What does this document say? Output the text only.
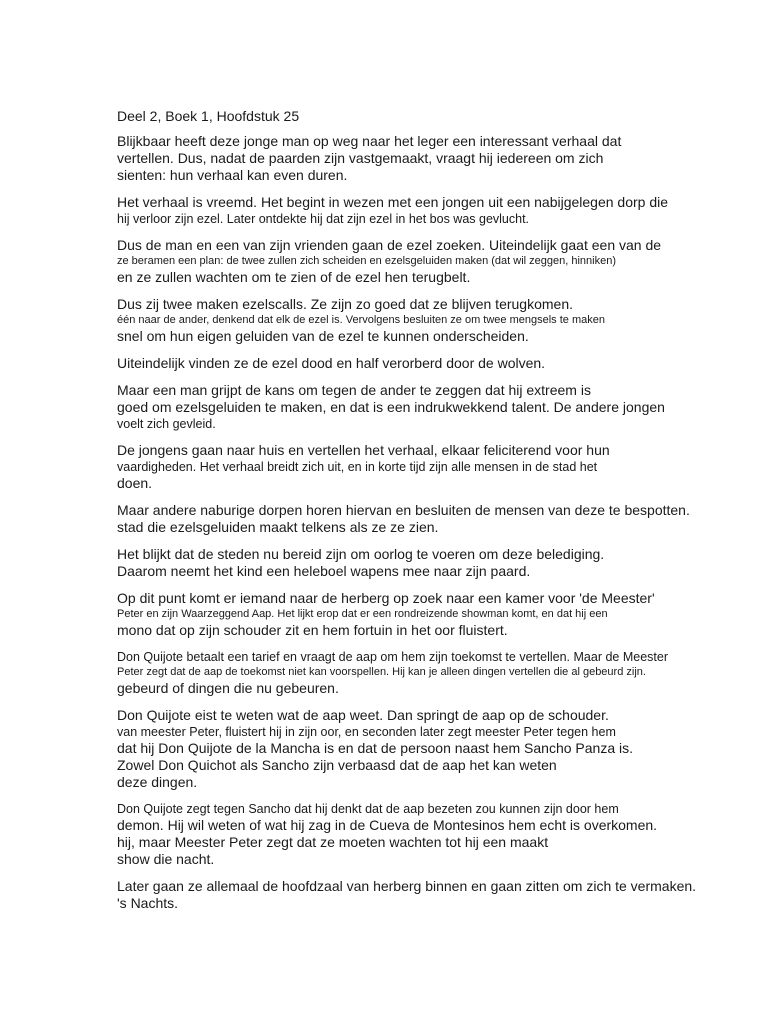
Deel 2, Boek 1, Hoofdstuk 25
Blijkbaar heeft deze jonge man op weg naar het leger een interessant verhaal dat
vertellen. Dus, nadat de paarden zijn vastgemaakt, vraagt hij iedereen om zich
sienten: hun verhaal kan even duren.
Het verhaal is vreemd. Het begint in wezen met een jongen uit een nabijgelegen dorp die
hij verloor zijn ezel. Later ontdekte hij dat zijn ezel in het bos was gevlucht.
Dus de man en een van zijn vrienden gaan de ezel zoeken. Uiteindelijk gaat een van de
ze beramen een plan: de twee zullen zich scheiden en ezelsgeluiden maken (dat wil zeggen, hinniken)
en ze zullen wachten om te zien of de ezel hen terugbelt.
Dus zij twee maken ezelscalls. Ze zijn zo goed dat ze blijven terugkomen.
één naar de ander, denkend dat elk de ezel is. Vervolgens besluiten ze om twee mengsels te maken
snel om hun eigen geluiden van de ezel te kunnen onderscheiden.
Uiteindelijk vinden ze de ezel dood en half verorberd door de wolven.
Maar een man grijpt de kans om tegen de ander te zeggen dat hij extreem is
goed om ezelsgeluiden te maken, en dat is een indrukwekkend talent. De andere jongen
voelt zich gevleid.
De jongens gaan naar huis en vertellen het verhaal, elkaar feliciterend voor hun
vaardigheden. Het verhaal breidt zich uit, en in korte tijd zijn alle mensen in de stad het
doen.
Maar andere naburige dorpen horen hiervan en besluiten de mensen van deze te bespotten.
stad die ezelsgeluiden maakt telkens als ze ze zien.
Het blijkt dat de steden nu bereid zijn om oorlog te voeren om deze belediging.
Daarom neemt het kind een heleboel wapens mee naar zijn paard.
Op dit punt komt er iemand naar de herberg op zoek naar een kamer voor 'de Meester'
Peter en zijn Waarzeggend Aap. Het lijkt erop dat er een rondreizende showman komt, en dat hij een
mono dat op zijn schouder zit en hem fortuin in het oor fluistert.
Don Quijote betaalt een tarief en vraagt de aap om hem zijn toekomst te vertellen. Maar de Meester
Peter zegt dat de aap de toekomst niet kan voorspellen. Hij kan je alleen dingen vertellen die al gebeurd zijn.
gebeurd of dingen die nu gebeuren.
Don Quijote eist te weten wat de aap weet. Dan springt de aap op de schouder.
van meester Peter, fluistert hij in zijn oor, en seconden later zegt meester Peter tegen hem
dat hij Don Quijote de la Mancha is en dat de persoon naast hem Sancho Panza is.
Zowel Don Quichot als Sancho zijn verbaasd dat de aap het kan weten
deze dingen.
Don Quijote zegt tegen Sancho dat hij denkt dat de aap bezeten zou kunnen zijn door hem
demon. Hij wil weten of wat hij zag in de Cueva de Montesinos hem echt is overkomen.
hij, maar Meester Peter zegt dat ze moeten wachten tot hij een maakt
show die nacht.
Later gaan ze allemaal de hoofdzaal van herberg binnen en gaan zitten om zich te vermaken.
's Nachts.
